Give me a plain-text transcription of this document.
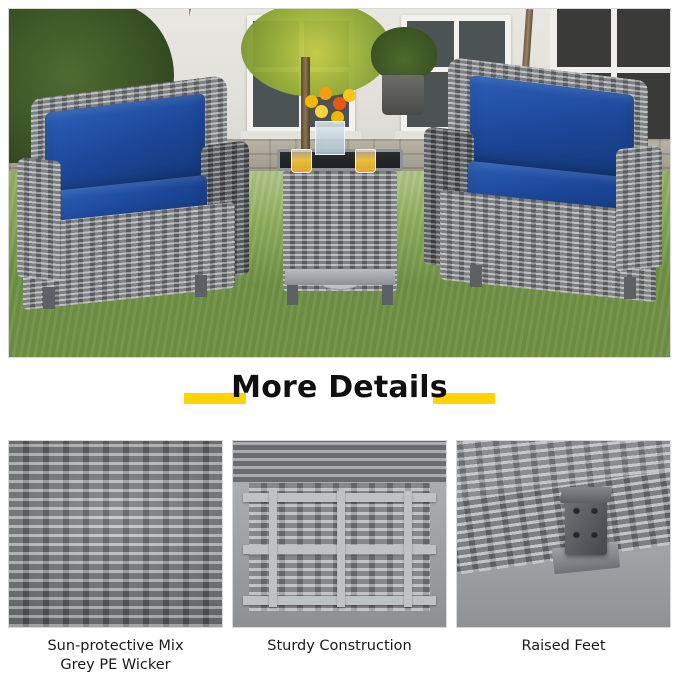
More Details
Sun-protective Mix
Grey PE Wicker
Sturdy Construction	Raised Feet
